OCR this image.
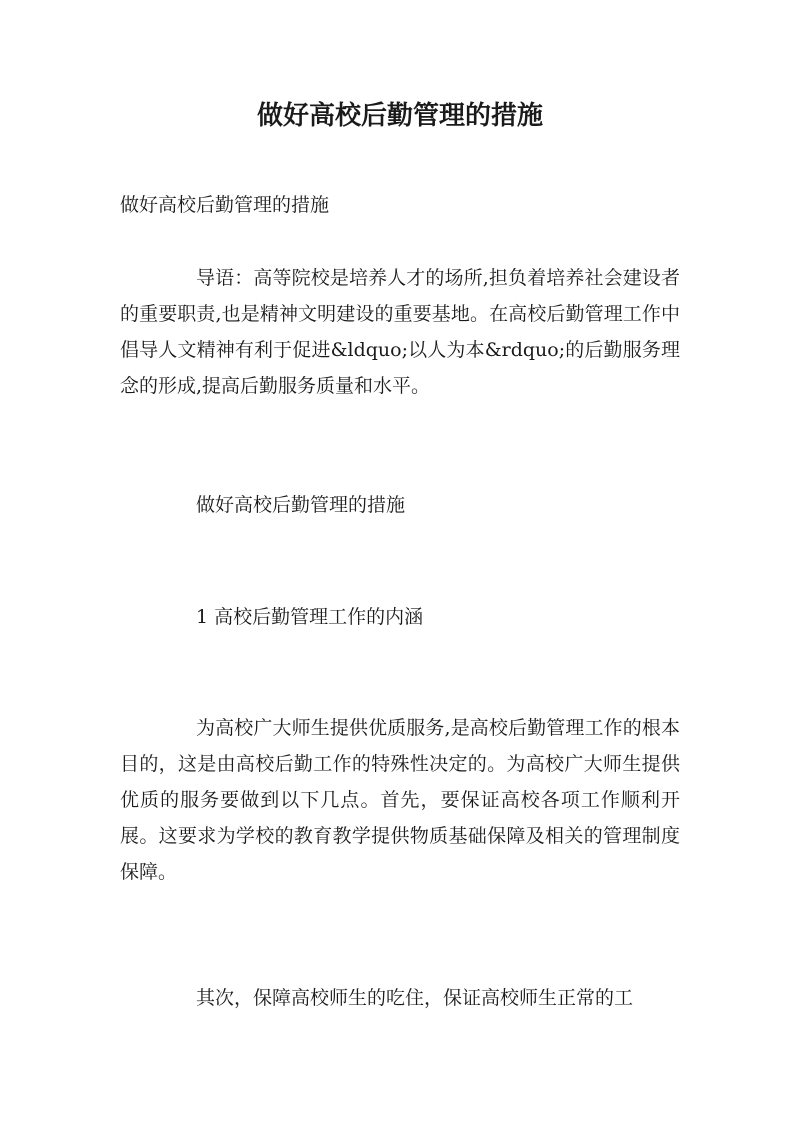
做好高校后勤管理的措施

做好高校后勤管理的措施

导语：高等院校是培养人才的场所,担负着培养社会建设者的重要职责,也是精神文明建设的重要基地。在高校后勤管理工作中倡导人文精神有利于促进&ldquo;以人为本&rdquo;的后勤服务理念的形成,提高后勤服务质量和水平。

做好高校后勤管理的措施

1 高校后勤管理工作的内涵

为高校广大师生提供优质服务,是高校后勤管理工作的根本目的，这是由高校后勤工作的特殊性决定的。为高校广大师生提供优质的服务要做到以下几点。首先，要保证高校各项工作顺利开展。这要求为学校的教育教学提供物质基础保障及相关的管理制度保障。

其次，保障高校师生的吃住，保证高校师生正常的工
